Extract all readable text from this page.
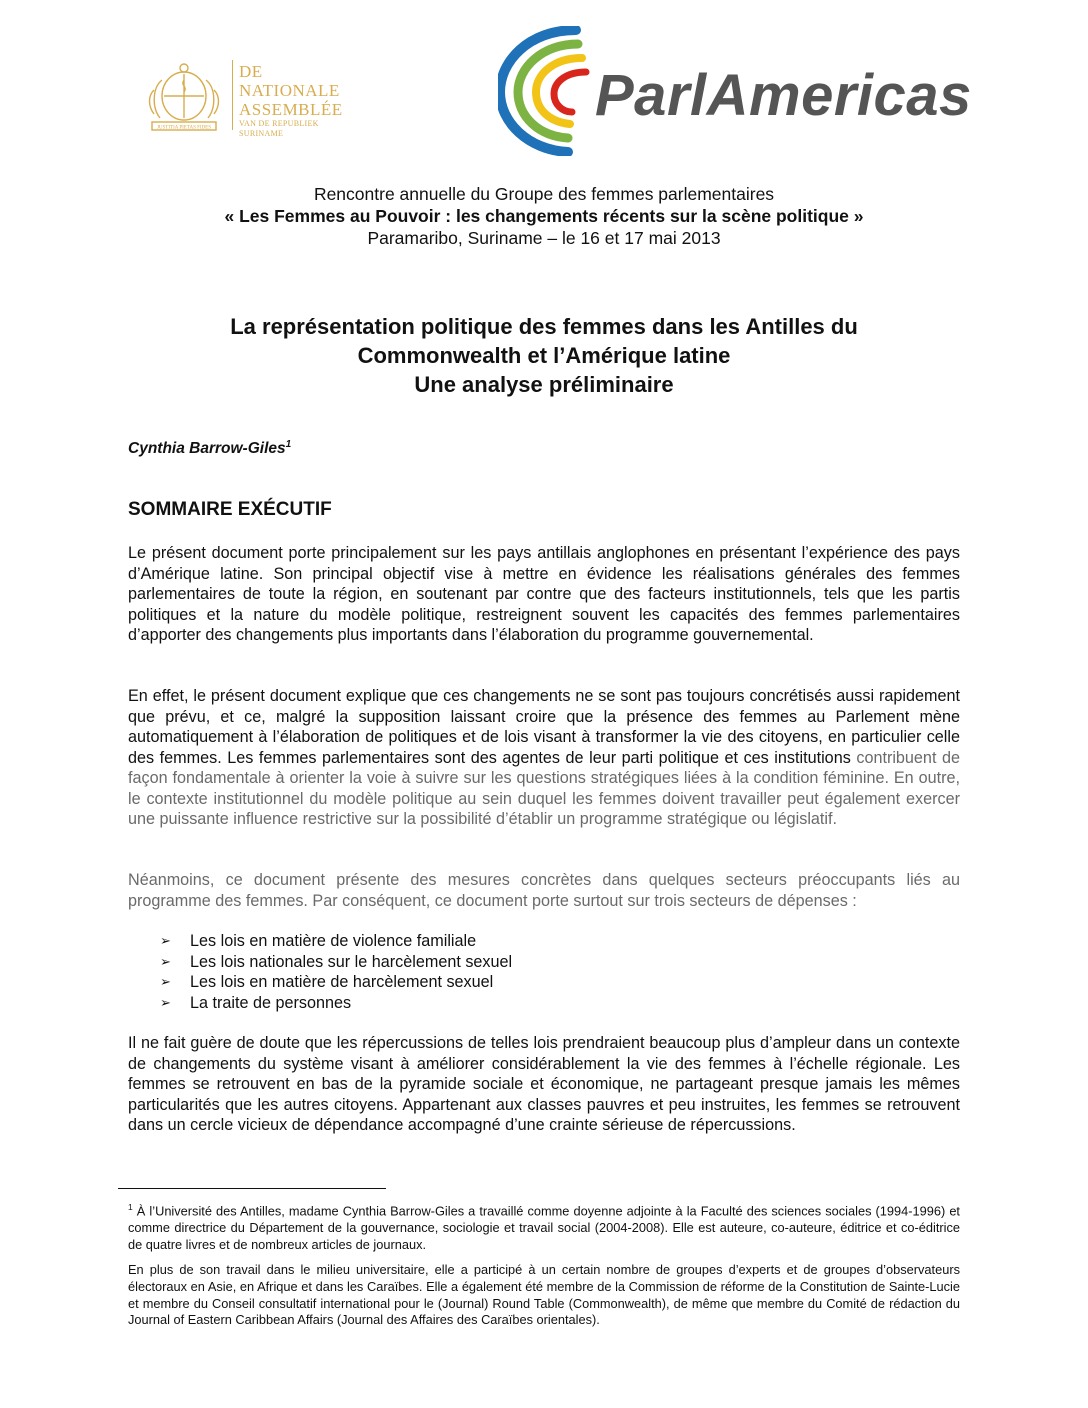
JUSTITIA PIETAS FIDES
DE
NATIONALE
ASSEMBLÉE
VAN DE REPUBLIEK SURINAME
ParlAmericas
Rencontre annuelle du Groupe des femmes parlementaires
« Les Femmes au Pouvoir : les changements récents sur la scène politique »
Paramaribo, Suriname – le 16 et 17 mai 2013
La représentation politique des femmes dans les Antilles du
Commonwealth et l’Amérique latine
Une analyse préliminaire
Cynthia Barrow-Giles$^1$
SOMMAIRE EXÉCUTIF
Le présent document porte principalement sur les pays antillais anglophones en présentant l’expérience des pays d’Amérique latine. Son principal objectif vise à mettre en évidence les réalisations générales des femmes parlementaires de toute la région, en soutenant par contre que des facteurs institutionnels, tels que les partis politiques et la nature du modèle politique, restreignent souvent les capacités des femmes parlementaires d’apporter des changements plus importants dans l’élaboration du programme gouvernemental.
En effet, le présent document explique que ces changements ne se sont pas toujours concrétisés aussi rapidement que prévu, et ce, malgré la supposition laissant croire que la présence des femmes au Parlement mène automatiquement à l’élaboration de politiques et de lois visant à transformer la vie des citoyens, en particulier celle des femmes. Les femmes parlementaires sont des agentes de leur parti politique et ces institutions contribuent de façon fondamentale à orienter la voie à suivre sur les questions stratégiques liées à la condition féminine. En outre, le contexte institutionnel du modèle politique au sein duquel les femmes doivent travailler peut également exercer une puissante influence restrictive sur la possibilité d’établir un programme stratégique ou législatif.
Néanmoins, ce document présente des mesures concrètes dans quelques secteurs préoccupants liés au programme des femmes. Par conséquent, ce document porte surtout sur trois secteurs de dépenses :
➢	Les lois en matière de violence familiale
➢	Les lois nationales sur le harcèlement sexuel
➢	Les lois en matière de harcèlement sexuel
➢	La traite de personnes
Il ne fait guère de doute que les répercussions de telles lois prendraient beaucoup plus d’ampleur dans un contexte de changements du système visant à améliorer considérablement la vie des femmes à l’échelle régionale. Les femmes se retrouvent en bas de la pyramide sociale et économique, ne partageant presque jamais les mêmes particularités que les autres citoyens. Appartenant aux classes pauvres et peu instruites, les femmes se retrouvent dans un cercle vicieux de dépendance accompagné d’une crainte sérieuse de répercussions.
$^1$ À l’Université des Antilles, madame Cynthia Barrow-Giles a travaillé comme doyenne adjointe à la Faculté des sciences sociales (1994-1996) et comme directrice du Département de la gouvernance, sociologie et travail social (2004-2008). Elle est auteure, co-auteure, éditrice et co-éditrice de quatre livres et de nombreux articles de journaux.
En plus de son travail dans le milieu universitaire, elle a participé à un certain nombre de groupes d’experts et de groupes d’observateurs électoraux en Asie, en Afrique et dans les Caraïbes. Elle a également été membre de la Commission de réforme de la Constitution de Sainte-Lucie et membre du Conseil consultatif international pour le (Journal) Round Table (Commonwealth), de même que membre du Comité de rédaction du Journal of Eastern Caribbean Affairs (Journal des Affaires des Caraïbes orientales).
